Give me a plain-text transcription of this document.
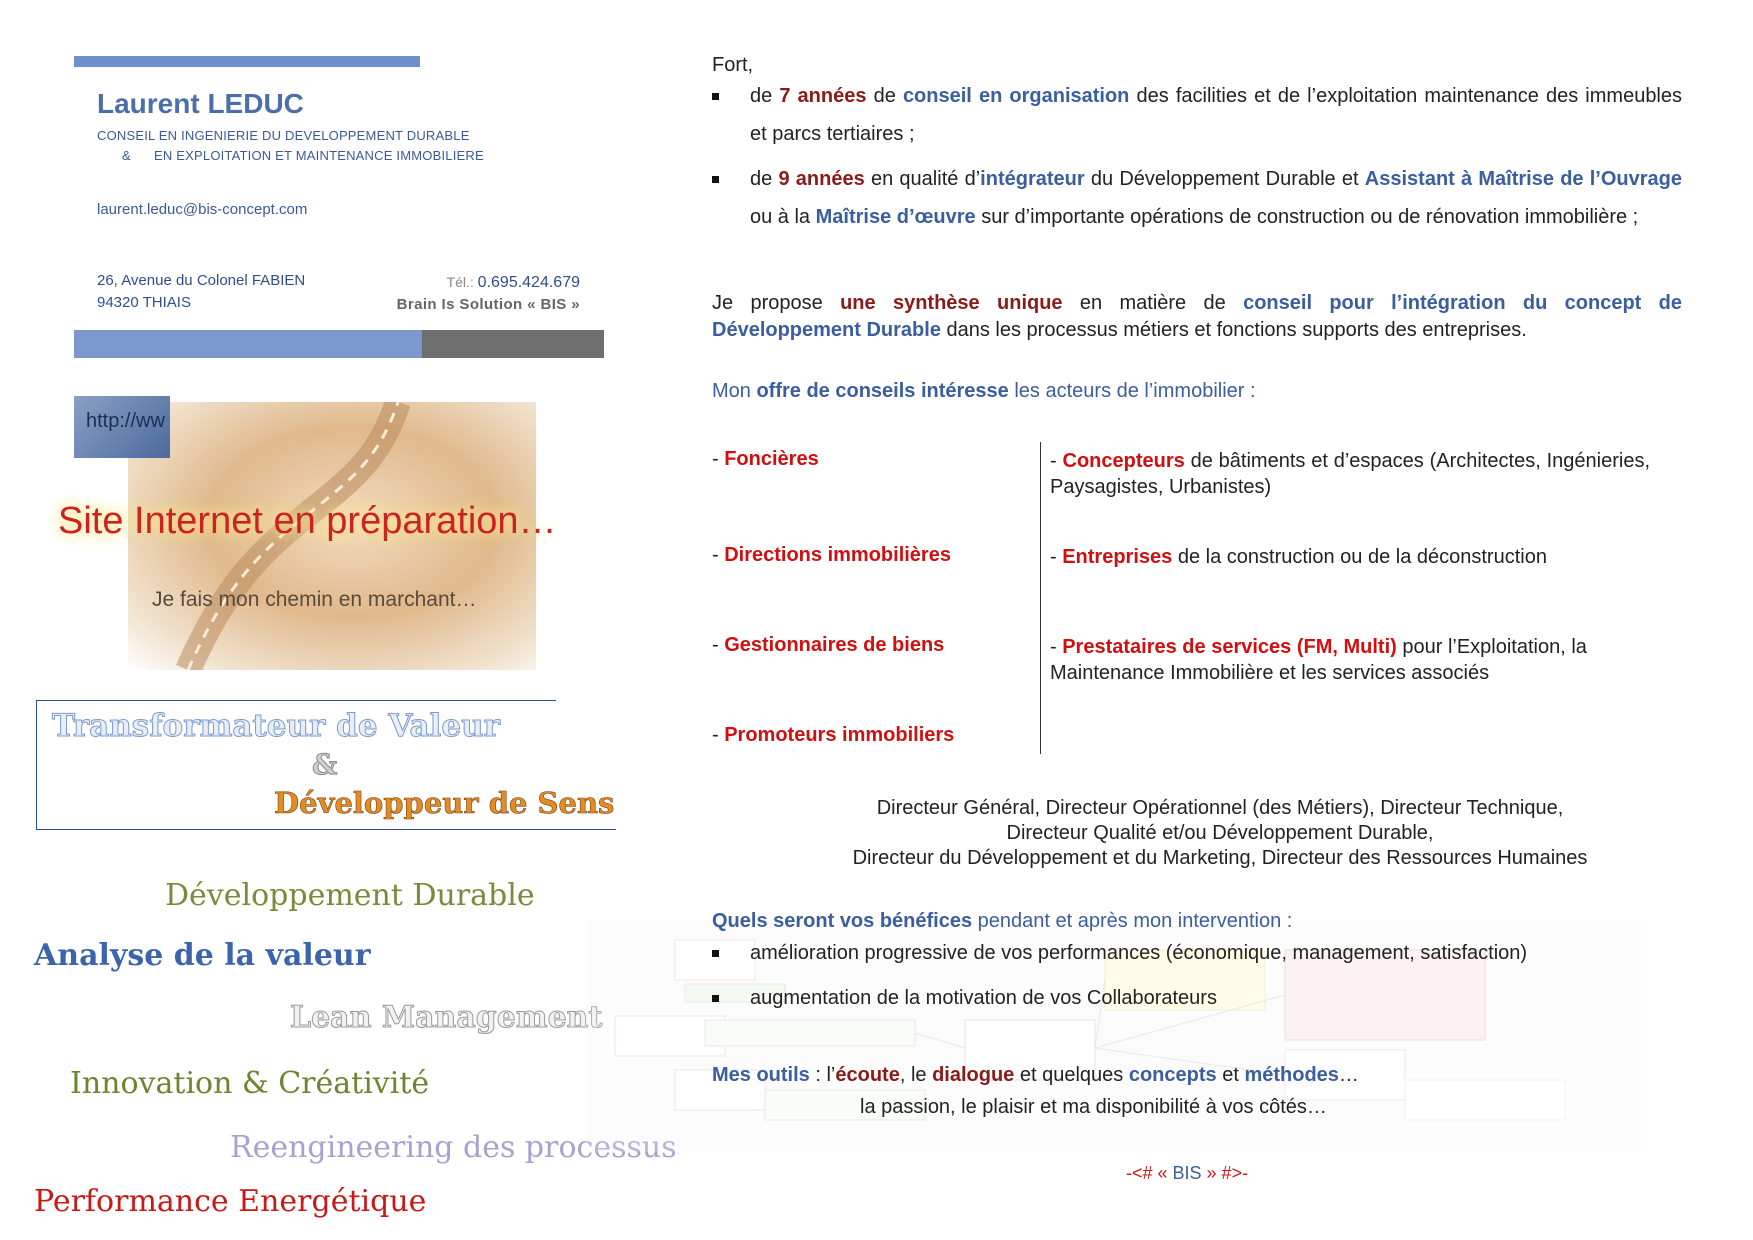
Laurent LEDUC
CONSEIL EN INGENIERIE DU DEVELOPPEMENT DURABLE
& EN EXPLOITATION ET MAINTENANCE IMMOBILIERE
laurent.leduc@bis-concept.com
26, Avenue du Colonel FABIEN
94320 THIAIS
Tél.: 0.695.424.679
Brain Is Solution « BIS »
http://ww
Site Internet en préparation…
Je fais mon chemin en marchant…
Transformateur de Valeur
&
Développeur de Sens
Développement Durable
Analyse de la valeur
Lean Management
Innovation & Créativité
Reengineering des processus
Performance Energétique
Fort,
de 7 années de conseil en organisation des facilities et de l’exploitation maintenance des immeubles et parcs tertiaires ;
de 9 années en qualité d’intégrateur du Développement Durable et Assistant à Maîtrise de l’Ouvrage ou à la Maîtrise d’œuvre sur d’importante opérations de construction ou de rénovation immobilière ;
Je propose une synthèse unique en matière de conseil pour l’intégration du concept de Développement Durable dans les processus métiers et fonctions supports des entreprises.
Mon offre de conseils intéresse les acteurs de l’immobilier :
- Foncières
- Directions immobilières
- Gestionnaires de biens
- Promoteurs immobiliers
- Concepteurs de bâtiments et d’espaces (Architectes, Ingénieries, Paysagistes, Urbanistes)
- Entreprises de la construction ou de la déconstruction
- Prestataires de services (FM, Multi) pour l’Exploitation, la Maintenance Immobilière et les services associés
Directeur Général, Directeur Opérationnel (des Métiers), Directeur Technique,
Directeur Qualité et/ou Développement Durable,
Directeur du Développement et du Marketing, Directeur des Ressources Humaines
Quels seront vos bénéfices pendant et après mon intervention :
amélioration progressive de vos performances (économique, management, satisfaction)
augmentation de la motivation de vos Collaborateurs
Mes outils : l’écoute, le dialogue et quelques concepts et méthodes…
la passion, le plaisir et ma disponibilité à vos côtés…
-<# « BIS » #>-
